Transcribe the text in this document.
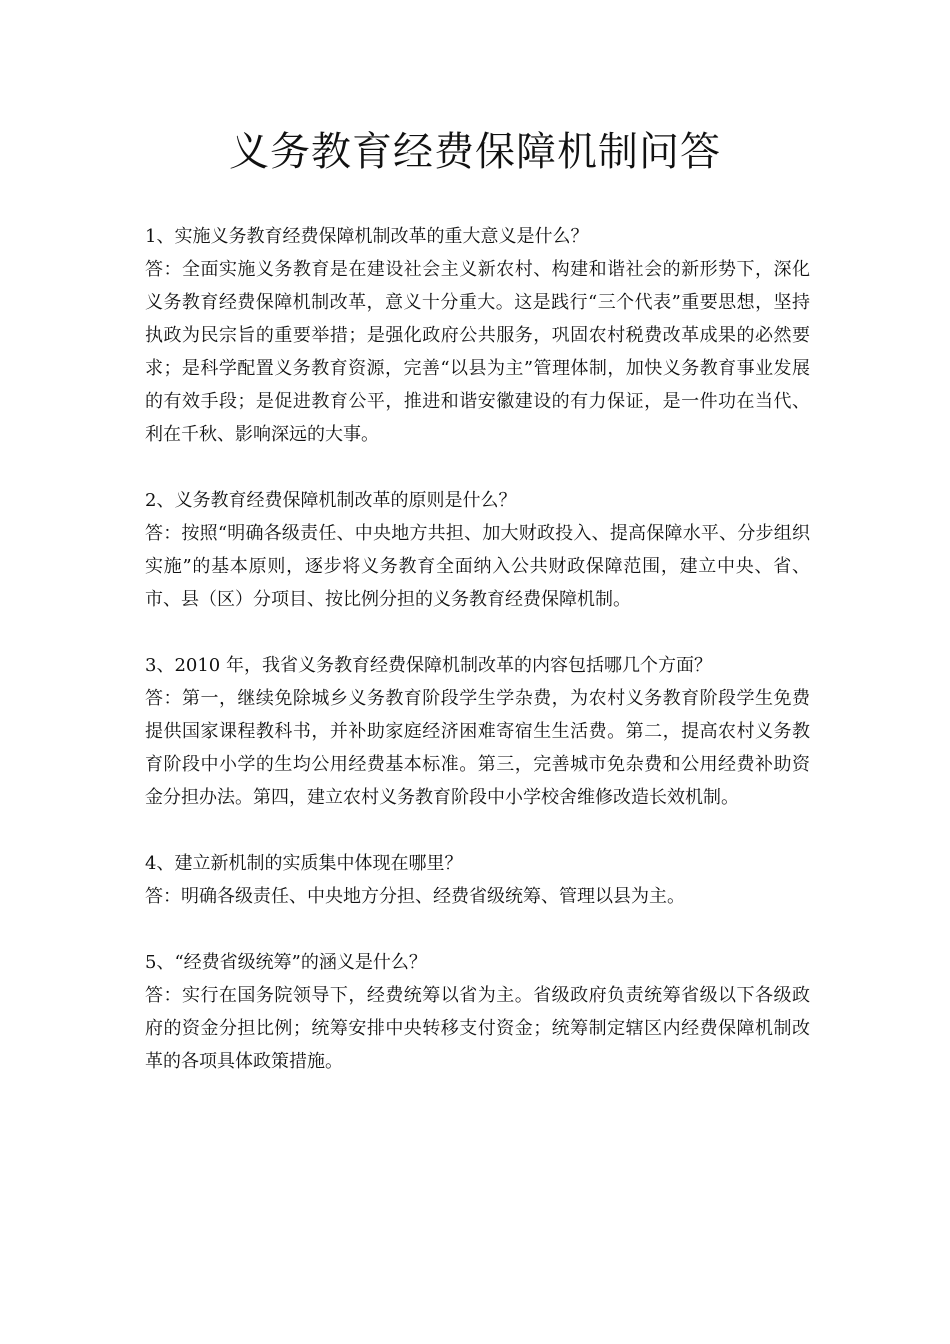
义务教育经费保障机制问答

1、实施义务教育经费保障机制改革的重大意义是什么？

答：全面实施义务教育是在建设社会主义新农村、构建和谐社会的新形势下，深化义务教育经费保障机制改革，意义十分重大。这是践行“三个代表”重要思想，坚持执政为民宗旨的重要举措；是强化政府公共服务，巩固农村税费改革成果的必然要求；是科学配置义务教育资源，完善“以县为主”管理体制，加快义务教育事业发展的有效手段；是促进教育公平，推进和谐安徽建设的有力保证，是一件功在当代、利在千秋、影响深远的大事。

2、义务教育经费保障机制改革的原则是什么？

答：按照“明确各级责任、中央地方共担、加大财政投入、提高保障水平、分步组织实施”的基本原则，逐步将义务教育全面纳入公共财政保障范围，建立中央、省、市、县（区）分项目、按比例分担的义务教育经费保障机制。

3、2010 年，我省义务教育经费保障机制改革的内容包括哪几个方面？

答：第一，继续免除城乡义务教育阶段学生学杂费，为农村义务教育阶段学生免费提供国家课程教科书，并补助家庭经济困难寄宿生生活费。第二，提高农村义务教育阶段中小学的生均公用经费基本标准。第三，完善城市免杂费和公用经费补助资金分担办法。第四，建立农村义务教育阶段中小学校舍维修改造长效机制。

4、建立新机制的实质集中体现在哪里？

答：明确各级责任、中央地方分担、经费省级统筹、管理以县为主。

5、“经费省级统筹”的涵义是什么？

答：实行在国务院领导下，经费统筹以省为主。省级政府负责统筹省级以下各级政府的资金分担比例；统筹安排中央转移支付资金；统筹制定辖区内经费保障机制改革的各项具体政策措施。
